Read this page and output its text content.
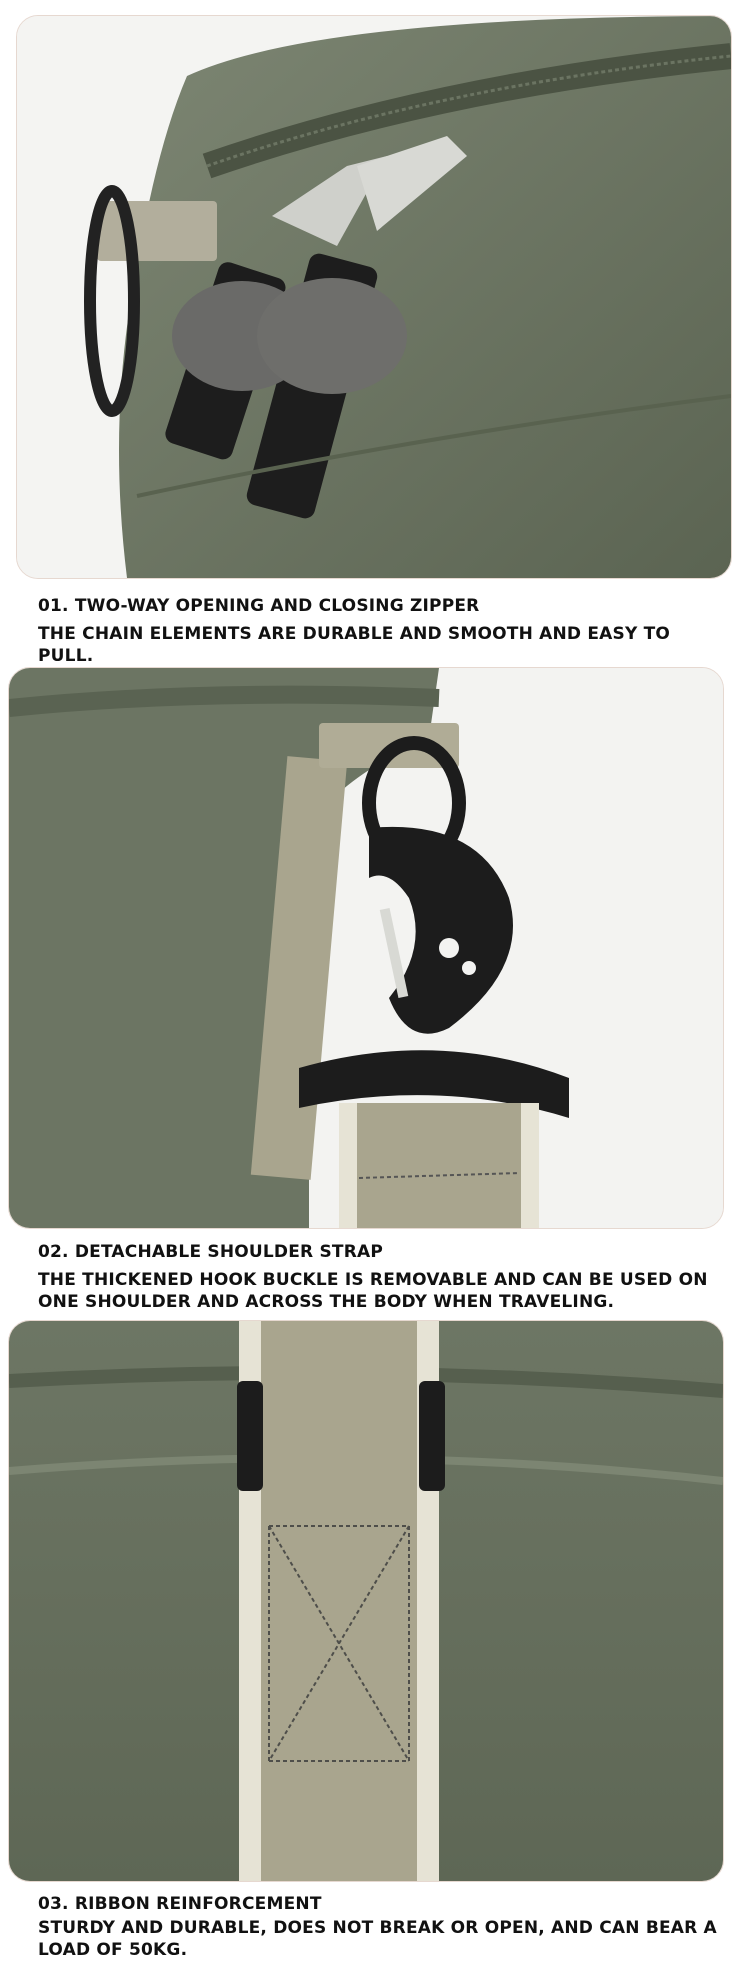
01. TWO-WAY OPENING AND CLOSING ZIPPER
THE CHAIN ELEMENTS ARE DURABLE AND SMOOTH AND EASY TO PULL.
02. DETACHABLE SHOULDER STRAP
THE THICKENED HOOK BUCKLE IS REMOVABLE AND CAN BE USED ON ONE SHOULDER AND ACROSS THE BODY WHEN TRAVELING.
03. RIBBON REINFORCEMENT
STURDY AND DURABLE, DOES NOT BREAK OR OPEN, AND CAN BEAR A LOAD OF 50KG.
